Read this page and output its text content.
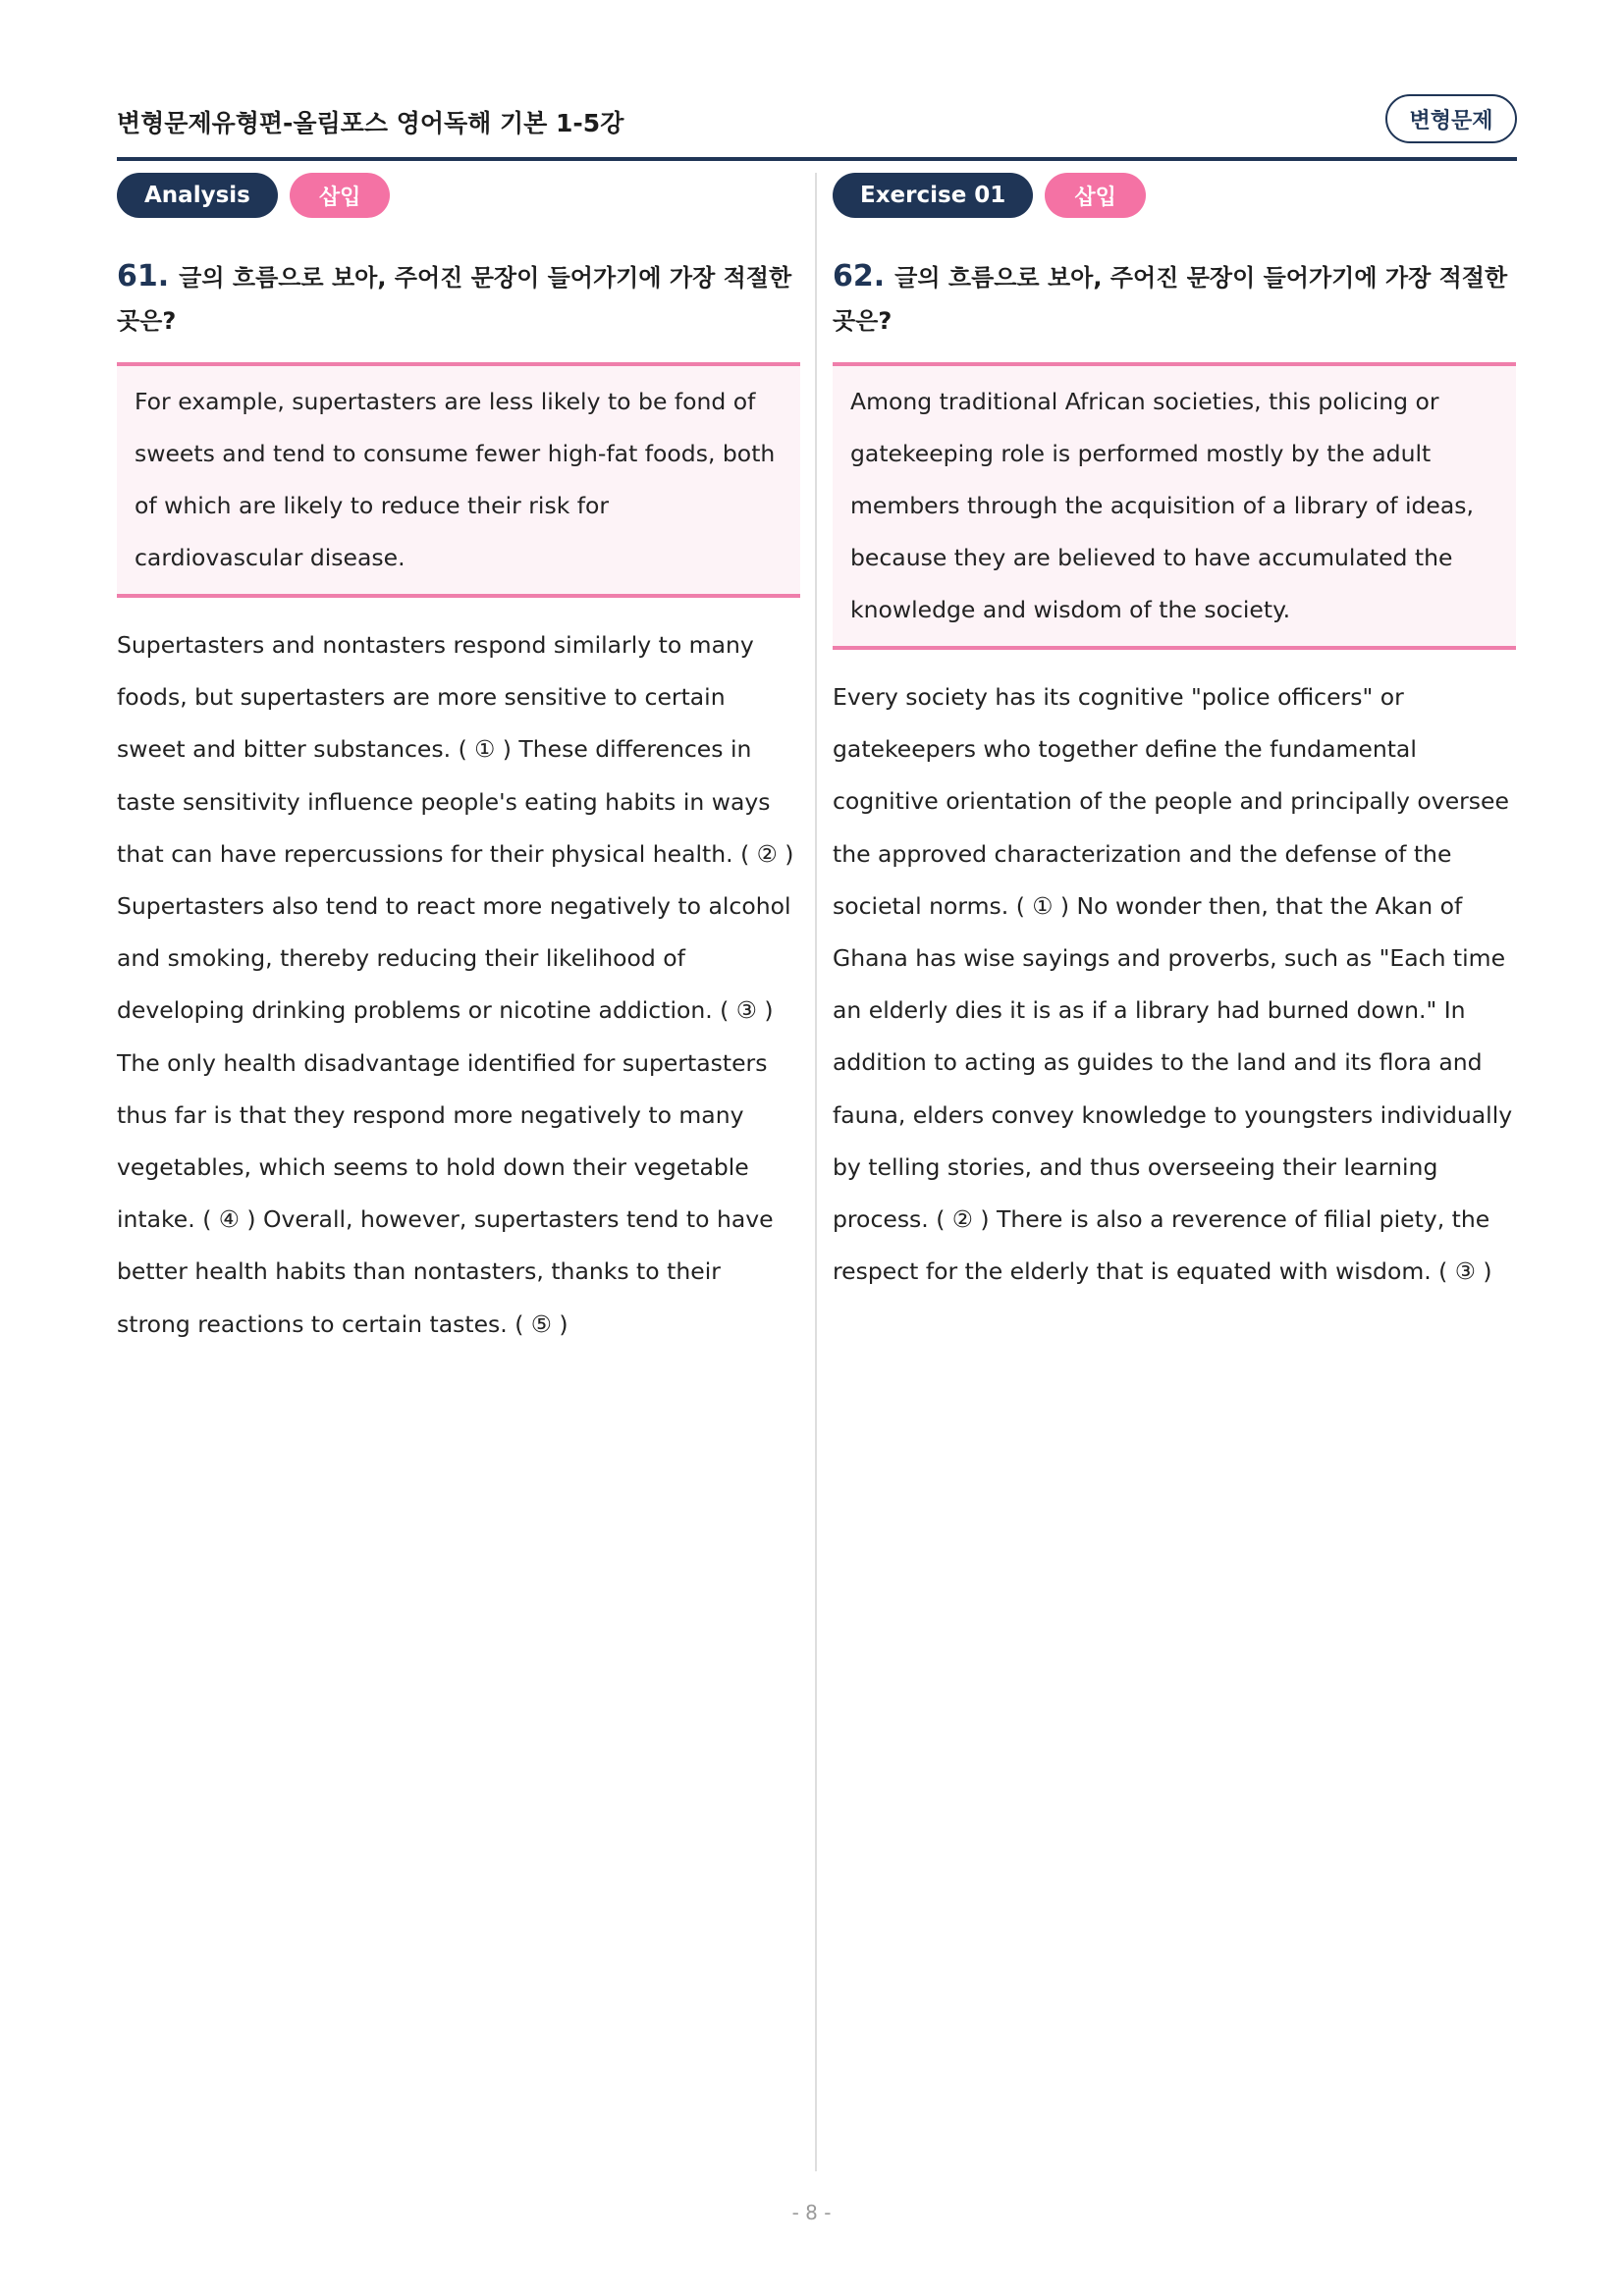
변형문제유형편-올림포스 영어독해 기본 1-5강	변형문제
Analysis	삽입
61. 글의 흐름으로 보아, 주어진 문장이 들어가기에 가장 적절한 곳은?
For example, supertasters are less likely to be fond of sweets and tend to consume fewer high-fat foods, both of which are likely to reduce their risk for cardiovascular disease.
Supertasters and nontasters respond similarly to many foods, but supertasters are more sensitive to certain sweet and bitter substances. ( ① ) These differences in taste sensitivity influence people's eating habits in ways that can have repercussions for their physical health. ( ② ) Supertasters also tend to react more negatively to alcohol and smoking, thereby reducing their likelihood of developing drinking problems or nicotine addiction. ( ③ ) The only health disadvantage identified for supertasters thus far is that they respond more negatively to many vegetables, which seems to hold down their vegetable intake. ( ④ ) Overall, however, supertasters tend to have better health habits than nontasters, thanks to their strong reactions to certain tastes. ( ⑤ )
Exercise 01	삽입
62. 글의 흐름으로 보아, 주어진 문장이 들어가기에 가장 적절한 곳은?
Among traditional African societies, this policing or gatekeeping role is performed mostly by the adult members through the acquisition of a library of ideas, because they are believed to have accumulated the knowledge and wisdom of the society.
Every society has its cognitive "police officers" or gatekeepers who together define the fundamental cognitive orientation of the people and principally oversee the approved characterization and the defense of the societal norms. ( ① ) No wonder then, that the Akan of Ghana has wise sayings and proverbs, such as "Each time an elderly dies it is as if a library had burned down." In addition to acting as guides to the land and its flora and fauna, elders convey knowledge to youngsters individually by telling stories, and thus overseeing their learning process. ( ② ) There is also a reverence of filial piety, the respect for the elderly that is equated with wisdom. ( ③ )
- 8 -
